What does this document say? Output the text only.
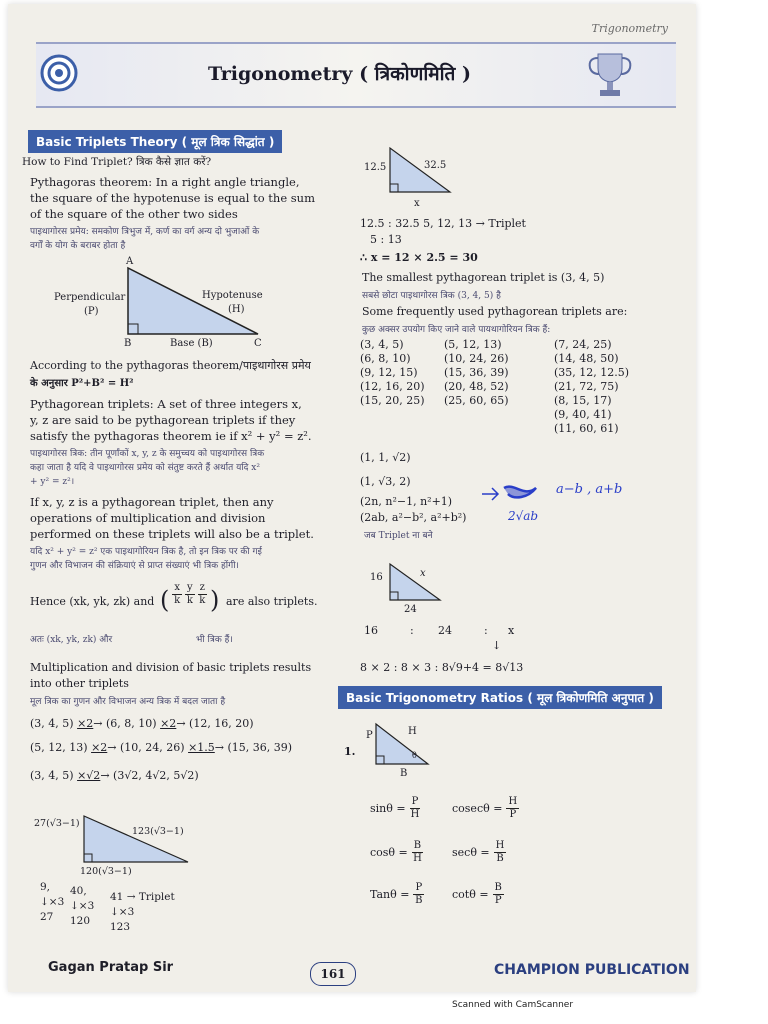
Trigonometry
Trigonometry ( त्रिकोणमिति )
Basic Triplets Theory ( मूल त्रिक सिद्धांत )
How to Find Triplet? त्रिक कैसे ज्ञात करें?
Pythagoras theorem: In a right angle triangle,
the square of the hypotenuse is equal to the sum
of the square of the other two sides
पाइथागोरस प्रमेय: समकोण त्रिभुज में, कर्ण का वर्ग अन्य दो भुजाओं के
वर्गों के योग के बराबर होता है
A
B	C
Perpendicular
(P)
Hypotenuse
(H)
Base (B)
According to the pythagoras theorem/पाइथागोरस प्रमेय
के अनुसार P²+B² = H²
Pythagorean triplets: A set of three integers x,
y, z are said to be pythagorean triplets if they
satisfy the pythagoras theorem ie if x² + y² = z².
पाइथागोरस त्रिक: तीन पूर्णांकों x, y, z के समुच्चय को पाइथागोरस त्रिक
कहा जाता है यदि वे पाइथागोरस प्रमेय को संतुष्ट करते हैं अर्थात यदि x²
+ y² = z²।
If x, y, z is a pythagorean triplet, then any
operations of multiplication and division
performed on these triplets will also be a triplet.
यदि x² + y² = z² एक पाइथागोरियन त्रिक है, तो इन त्रिक पर की गई
गुणन और विभाजन की संक्रियाएं से प्राप्त संख्याएं भी त्रिक होंगी।
Hence (xk, yk, zk) and ( $\frac{x}{k} \frac{y}{k} \frac{z}{k}$ ) are also triplets.
अतः (xk, yk, zk) और	भी त्रिक हैं।
Multiplication and division of basic triplets results
into other triplets
मूल त्रिक का गुणन और विभाजन अन्य त्रिक में बदल जाता है
(3, 4, 5) ×2→ (6, 8, 10) ×2→ (12, 16, 20)
(5, 12, 13) ×2→ (10, 24, 26) ×1.5→ (15, 36, 39)
(3, 4, 5) ×√2→ (3√2, 4√2, 5√2)
27(√3−1)
123(√3−1)
120(√3−1)
9,
↓×3
27
40,
↓×3
120
41 → Triplet
↓×3
123
12.5	32.5
x
12.5 : 32.5 5, 12, 13 → Triplet
5 : 13
∴ x = 12 × 2.5 = 30
The smallest pythagorean triplet is (3, 4, 5)
सबसे छोटा पाइथागोरस त्रिक (3, 4, 5) है
Some frequently used pythagorean triplets are:
कुछ अक्सर उपयोग किए जाने वाले पायथागोरियन त्रिक हैं:
(3, 4, 5)	(5, 12, 13)	(7, 24, 25)
(6, 8, 10)	(10, 24, 26)	(14, 48, 50)
(9, 12, 15)	(15, 36, 39)	(35, 12, 12.5)
(12, 16, 20)	(20, 48, 52)	(21, 72, 75)
(15, 20, 25)	(25, 60, 65)	(8, 15, 17)
		(9, 40, 41)
		(11, 60, 61)
(1, 1, √2)
(1, √3, 2)
(2n, n²−1, n²+1)
(2ab, a²−b², a²+b²)
जब Triplet ना बने
a−b , a+b
2√ab
16	x
24
16	:	24	:	x
↓
8 × 2 : 8 × 3 : 8√9+4 = 8√13
Basic Trigonometry Ratios ( मूल त्रिकोणमिति अनुपात )
P	H
B
θ
1.
$\sin\theta = \frac{P}{H}$	$cosec\theta = \frac{H}{P}$
$\cos\theta = \frac{B}{H}$	$\sec\theta = \frac{H}{B}$
$Tan\theta = \frac{P}{B}$	$\cot\theta = \frac{B}{P}$
Gagan Pratap Sir	161	CHAMPION PUBLICATION
Scanned with CamScanner
